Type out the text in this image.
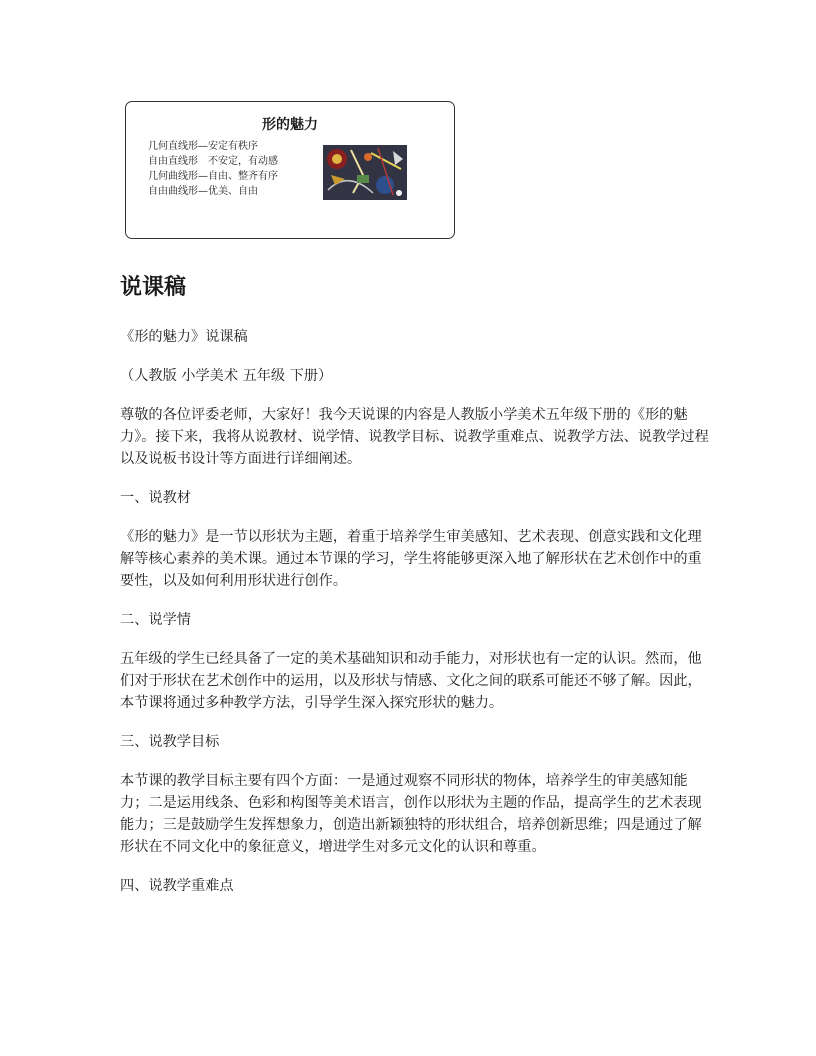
形的魅力

几何直线形—安定有秩序
自由直线形　不安定，有动感
几何曲线形—自由、整齐有序
自由曲线形—优美、自由
说课稿

《形的魅力》说课稿

（人教版 小学美术 五年级 下册）

尊敬的各位评委老师，大家好！我今天说课的内容是人教版小学美术五年级下册的《形的魅力》。接下来，我将从说教材、说学情、说教学目标、说教学重难点、说教学方法、说教学过程以及说板书设计等方面进行详细阐述。

一、说教材

《形的魅力》是一节以形状为主题，着重于培养学生审美感知、艺术表现、创意实践和文化理解等核心素养的美术课。通过本节课的学习，学生将能够更深入地了解形状在艺术创作中的重要性，以及如何利用形状进行创作。

二、说学情

五年级的学生已经具备了一定的美术基础知识和动手能力，对形状也有一定的认识。然而，他们对于形状在艺术创作中的运用，以及形状与情感、文化之间的联系可能还不够了解。因此，本节课将通过多种教学方法，引导学生深入探究形状的魅力。

三、说教学目标

本节课的教学目标主要有四个方面：一是通过观察不同形状的物体，培养学生的审美感知能力；二是运用线条、色彩和构图等美术语言，创作以形状为主题的作品，提高学生的艺术表现能力；三是鼓励学生发挥想象力，创造出新颖独特的形状组合，培养创新思维；四是通过了解形状在不同文化中的象征意义，增进学生对多元文化的认识和尊重。

四、说教学重难点
